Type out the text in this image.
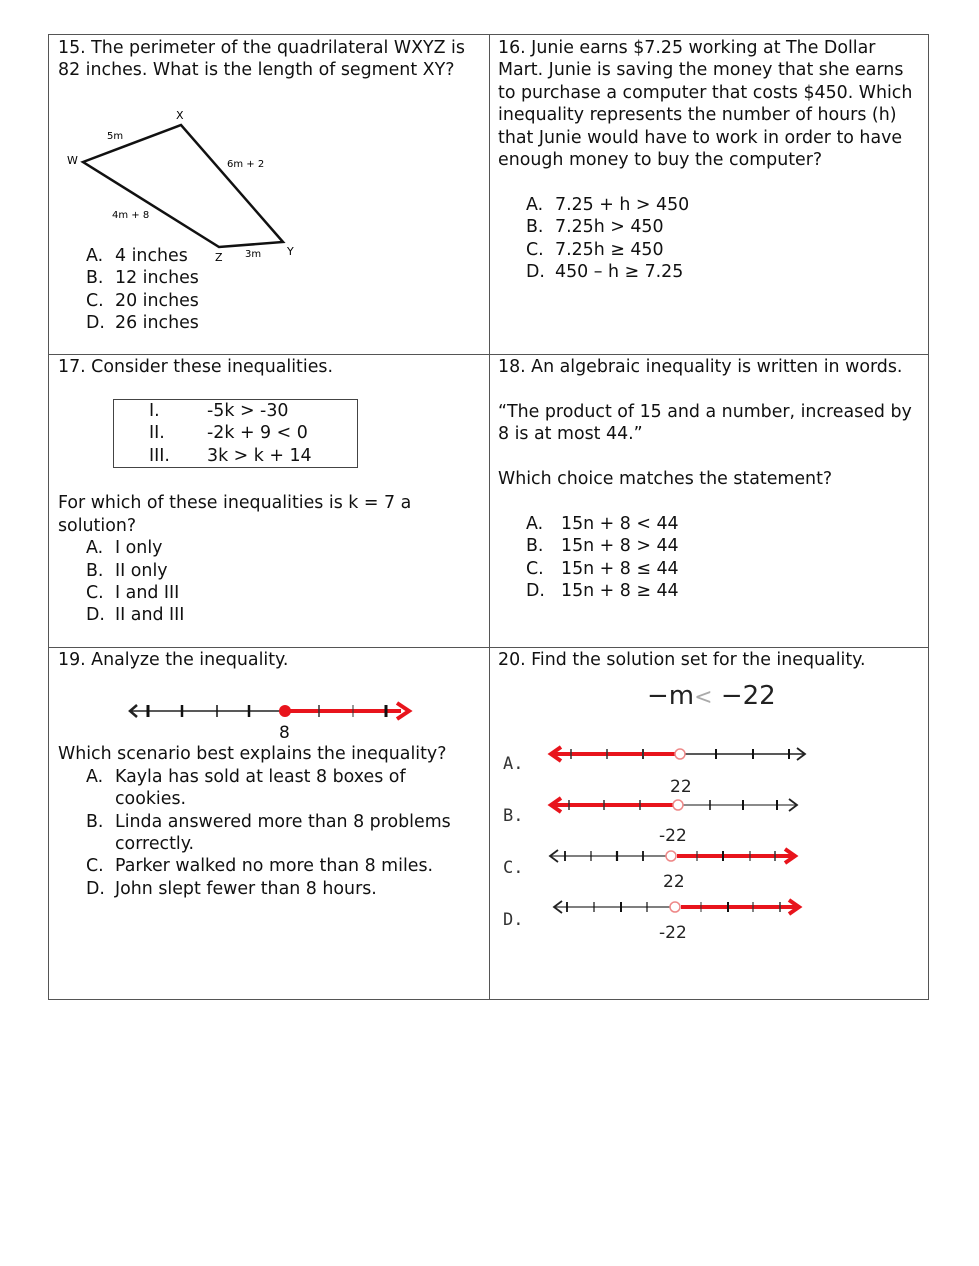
15. The perimeter of the quadrilateral WXYZ is 82 inches. What is the length of segment XY?

W
X
Y
Z
5m
6m + 2
3m
4m + 8
A. 4 inches
B. 12 inches
C. 20 inches
D. 26 inches

16. Junie earns $7.25 working at The Dollar Mart. Junie is saving the money that she earns to purchase a computer that costs $450. Which inequality represents the number of hours (h) that Junie would have to work in order to have enough money to buy the computer?

A. 7.25 + h > 450
B. 7.25h > 450
C. 7.25h ≥ 450
D. 450 – h ≥ 7.25

17. Consider these inequalities.

I.	-5k > -30
II. -2k + 9 < 0
III. 3k > k + 14

For which of these inequalities is k = 7 a solution?

A. I only
B. II only
C. I and III
D. II and III

18. An algebraic inequality is written in words.

“The product of 15 and a number, increased by 8 is at most 44.”

Which choice matches the statement?

A.	15n + 8 < 44
B.	15n + 8 > 44
C. 15n + 8 ≤ 44
D. 15n + 8 ≥ 44

19. Analyze the inequality.

8

Which scenario best explains the inequality?

A. Kayla has sold at least 8 boxes of cookies.
B. Linda answered more than 8 problems correctly.
C. Parker walked no more than 8 miles.
D. John slept fewer than 8 hours.

20. Find the solution set for the inequality.

−m< −22
A.
22
B.
-22
C.
22
D.
-22
